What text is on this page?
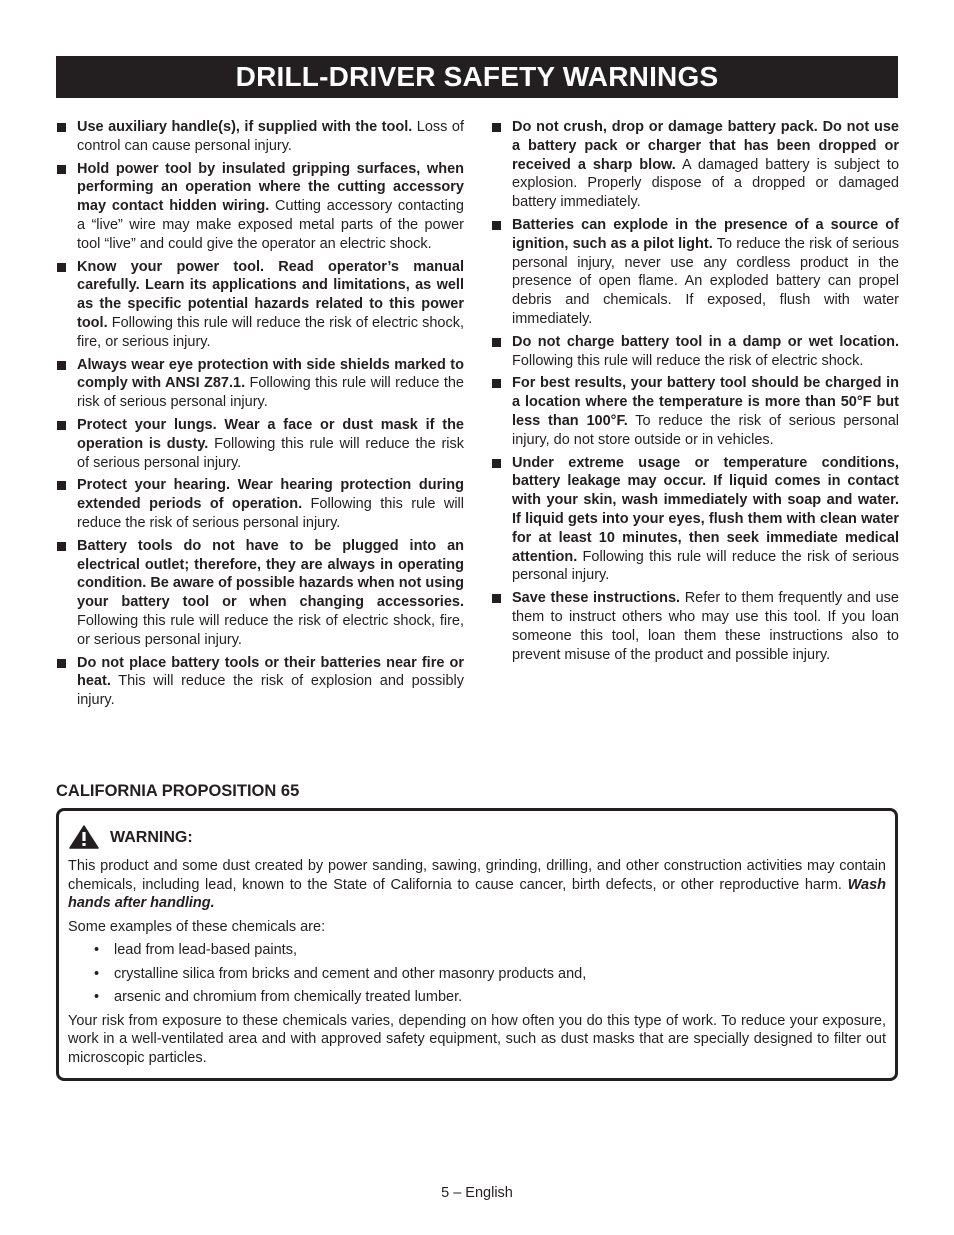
DRILL-DRIVER SAFETY WARNINGS
Use auxiliary handle(s), if supplied with the tool. Loss of control can cause personal injury.
Hold power tool by insulated gripping surfaces, when performing an operation where the cutting accessory may contact hidden wiring. Cutting accessory contacting a “live” wire may make exposed metal parts of the power tool “live” and could give the operator an electric shock.
Know your power tool. Read operator’s manual carefully. Learn its applications and limitations, as well as the specific potential hazards related to this power tool. Following this rule will reduce the risk of electric shock, fire, or serious injury.
Always wear eye protection with side shields marked to comply with ANSI Z87.1. Following this rule will reduce the risk of serious personal injury.
Protect your lungs. Wear a face or dust mask if the operation is dusty. Following this rule will reduce the risk of serious personal injury.
Protect your hearing. Wear hearing protection during extended periods of operation. Following this rule will reduce the risk of serious personal injury.
Battery tools do not have to be plugged into an electrical outlet; therefore, they are always in operating condition. Be aware of possible hazards when not using your battery tool or when changing accessories. Following this rule will reduce the risk of electric shock, fire, or serious personal injury.
Do not place battery tools or their batteries near fire or heat. This will reduce the risk of explosion and possibly injury.
Do not crush, drop or damage battery pack. Do not use a battery pack or charger that has been dropped or received a sharp blow. A damaged battery is subject to explosion. Properly dispose of a dropped or damaged battery immediately.
Batteries can explode in the presence of a source of ignition, such as a pilot light. To reduce the risk of serious personal injury, never use any cordless product in the presence of open flame. An exploded battery can propel debris and chemicals. If exposed, flush with water immediately.
Do not charge battery tool in a damp or wet location. Following this rule will reduce the risk of electric shock.
For best results, your battery tool should be charged in a location where the temperature is more than 50°F but less than 100°F. To reduce the risk of serious personal injury, do not store outside or in vehicles.
Under extreme usage or temperature conditions, battery leakage may occur. If liquid comes in contact with your skin, wash immediately with soap and water. If liquid gets into your eyes, flush them with clean water for at least 10 minutes, then seek immediate medical attention. Following this rule will reduce the risk of serious personal injury.
Save these instructions. Refer to them frequently and use them to instruct others who may use this tool. If you loan someone this tool, loan them these instructions also to prevent misuse of the product and possible injury.
CALIFORNIA PROPOSITION 65
WARNING:

This product and some dust created by power sanding, sawing, grinding, drilling, and other construction activities may contain chemicals, including lead, known to the State of California to cause cancer, birth defects, or other reproductive harm. Wash hands after handling.

Some examples of these chemicals are:

• lead from lead-based paints,
• crystalline silica from bricks and cement and other masonry products and,
• arsenic and chromium from chemically treated lumber.

Your risk from exposure to these chemicals varies, depending on how often you do this type of work. To reduce your exposure, work in a well-ventilated area and with approved safety equipment, such as dust masks that are specially designed to filter out microscopic particles.

5 – English
